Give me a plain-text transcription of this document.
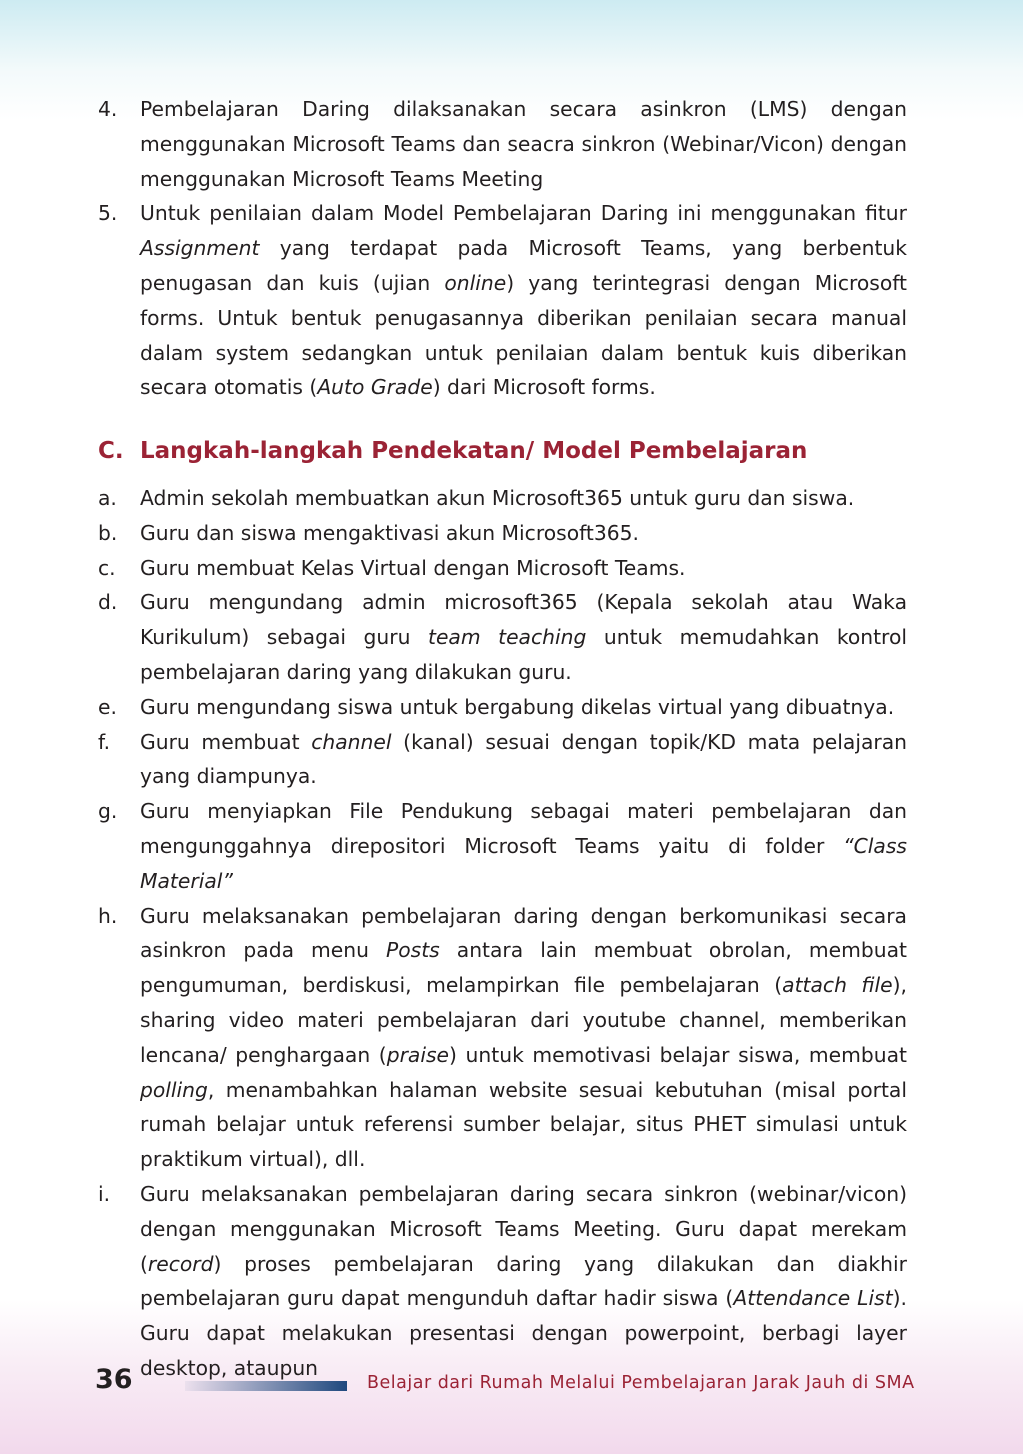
4. Pembelajaran Daring dilaksanakan secara asinkron (LMS) dengan menggunakan Microsoft Teams dan seacra sinkron (Webinar/Vicon) dengan menggunakan Microsoft Teams Meeting
5. Untuk penilaian dalam Model Pembelajaran Daring ini menggunakan fitur Assignment yang terdapat pada Microsoft Teams, yang berbentuk penugasan dan kuis (ujian online) yang terintegrasi dengan Microsoft forms. Untuk bentuk penugasannya diberikan penilaian secara manual dalam system sedangkan untuk penilaian dalam bentuk kuis diberikan secara otomatis (Auto Grade) dari Microsoft forms.
C. Langkah-langkah Pendekatan/ Model Pembelajaran
a. Admin sekolah membuatkan akun Microsoft365 untuk guru dan siswa.
b. Guru dan siswa mengaktivasi akun Microsoft365.
c. Guru membuat Kelas Virtual dengan Microsoft Teams.
d. Guru mengundang admin microsoft365 (Kepala sekolah atau Waka Kurikulum) sebagai guru team teaching untuk memudahkan kontrol pembelajaran daring yang dilakukan guru.
e. Guru mengundang siswa untuk bergabung dikelas virtual yang dibuatnya.
f. Guru membuat channel (kanal) sesuai dengan topik/KD mata pelajaran yang diampunya.
g. Guru menyiapkan File Pendukung sebagai materi pembelajaran dan mengunggahnya direpositori Microsoft Teams yaitu di folder “Class Material”
h. Guru melaksanakan pembelajaran daring dengan berkomunikasi secara asinkron pada menu Posts antara lain membuat obrolan, membuat pengumuman, berdiskusi, melampirkan file pembelajaran (attach file), sharing video materi pembelajaran dari youtube channel, memberikan lencana/ penghargaan (praise) untuk memotivasi belajar siswa, membuat polling, menambahkan halaman website sesuai kebutuhan (misal portal rumah belajar untuk referensi sumber belajar, situs PHET simulasi untuk praktikum virtual), dll.
i. Guru melaksanakan pembelajaran daring secara sinkron (webinar/vicon) dengan menggunakan Microsoft Teams Meeting. Guru dapat merekam (record) proses pembelajaran daring yang dilakukan dan diakhir pembelajaran guru dapat mengunduh daftar hadir siswa (Attendance List). Guru dapat melakukan presentasi dengan powerpoint, berbagi layer desktop, ataupun
36	Belajar dari Rumah Melalui Pembelajaran Jarak Jauh di SMA
